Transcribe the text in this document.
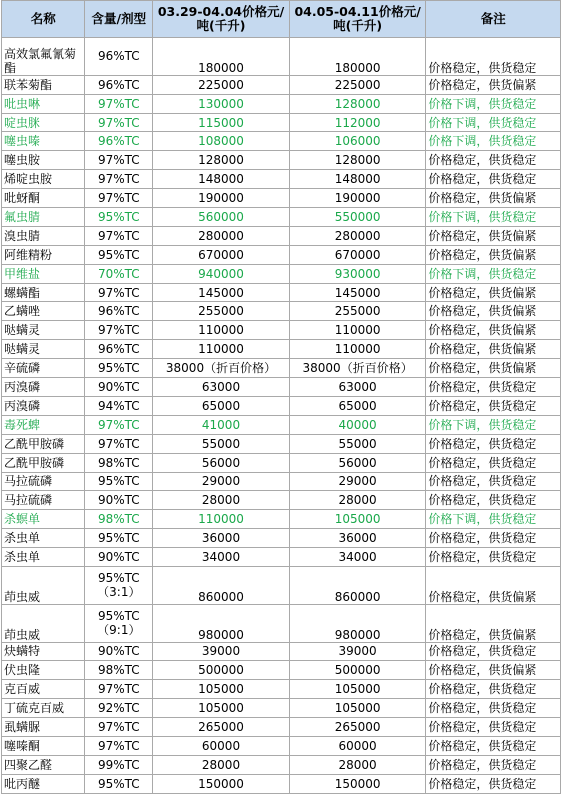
名称	含量/剂型	03.29-04.04价格元/吨(千升)	04.05-04.11价格元/吨(千升)	备注
高效氯氟氰菊酯	96%TC	180000	180000	价格稳定，供货稳定
联苯菊酯	96%TC	225000	225000	价格稳定，供货偏紧
吡虫啉	97%TC	130000	128000	价格下调，供货稳定
啶虫脒	97%TC	115000	112000	价格下调，供货稳定
噻虫嗪	96%TC	108000	106000	价格下调，供货稳定
噻虫胺	97%TC	128000	128000	价格稳定，供货稳定
烯啶虫胺	97%TC	148000	148000	价格稳定，供货稳定
吡蚜酮	97%TC	190000	190000	价格稳定，供货偏紧
氟虫腈	95%TC	560000	550000	价格下调，供货稳定
溴虫腈	97%TC	280000	280000	价格稳定，供货偏紧
阿维精粉	95%TC	670000	670000	价格稳定，供货偏紧
甲维盐	70%TC	940000	930000	价格下调，供货稳定
螺螨酯	97%TC	145000	145000	价格稳定，供货偏紧
乙螨唑	96%TC	255000	255000	价格稳定，供货偏紧
哒螨灵	97%TC	110000	110000	价格稳定，供货偏紧
哒螨灵	96%TC	110000	110000	价格稳定，供货偏紧
辛硫磷	95%TC	38000（折百价格）	38000（折百价格）	价格稳定，供货偏紧
丙溴磷	90%TC	63000	63000	价格稳定，供货稳定
丙溴磷	94%TC	65000	65000	价格稳定，供货稳定
毒死蜱	97%TC	41000	40000	价格下调，供货稳定
乙酰甲胺磷	97%TC	55000	55000	价格稳定，供货稳定
乙酰甲胺磷	98%TC	56000	56000	价格稳定，供货稳定
马拉硫磷	95%TC	29000	29000	价格稳定，供货稳定
马拉硫磷	90%TC	28000	28000	价格稳定，供货稳定
杀螟单	98%TC	110000	105000	价格下调，供货稳定
杀虫单	95%TC	36000	36000	价格稳定，供货稳定
杀虫单	90%TC	34000	34000	价格稳定，供货稳定
茚虫威	95%TC（3:1）	860000	860000	价格稳定，供货偏紧
茚虫威	95%TC（9:1）	980000	980000	价格稳定，供货偏紧
炔螨特	90%TC	39000	39000	价格稳定，供货稳定
伏虫隆	98%TC	500000	500000	价格稳定，供货偏紧
克百威	97%TC	105000	105000	价格稳定，供货稳定
丁硫克百威	92%TC	105000	105000	价格稳定，供货稳定
虱螨脲	97%TC	265000	265000	价格稳定，供货稳定
噻嗪酮	97%TC	60000	60000	价格稳定，供货稳定
四聚乙醛	99%TC	28000	28000	价格稳定，供货稳定
吡丙醚	95%TC	150000	150000	价格稳定，供货稳定
